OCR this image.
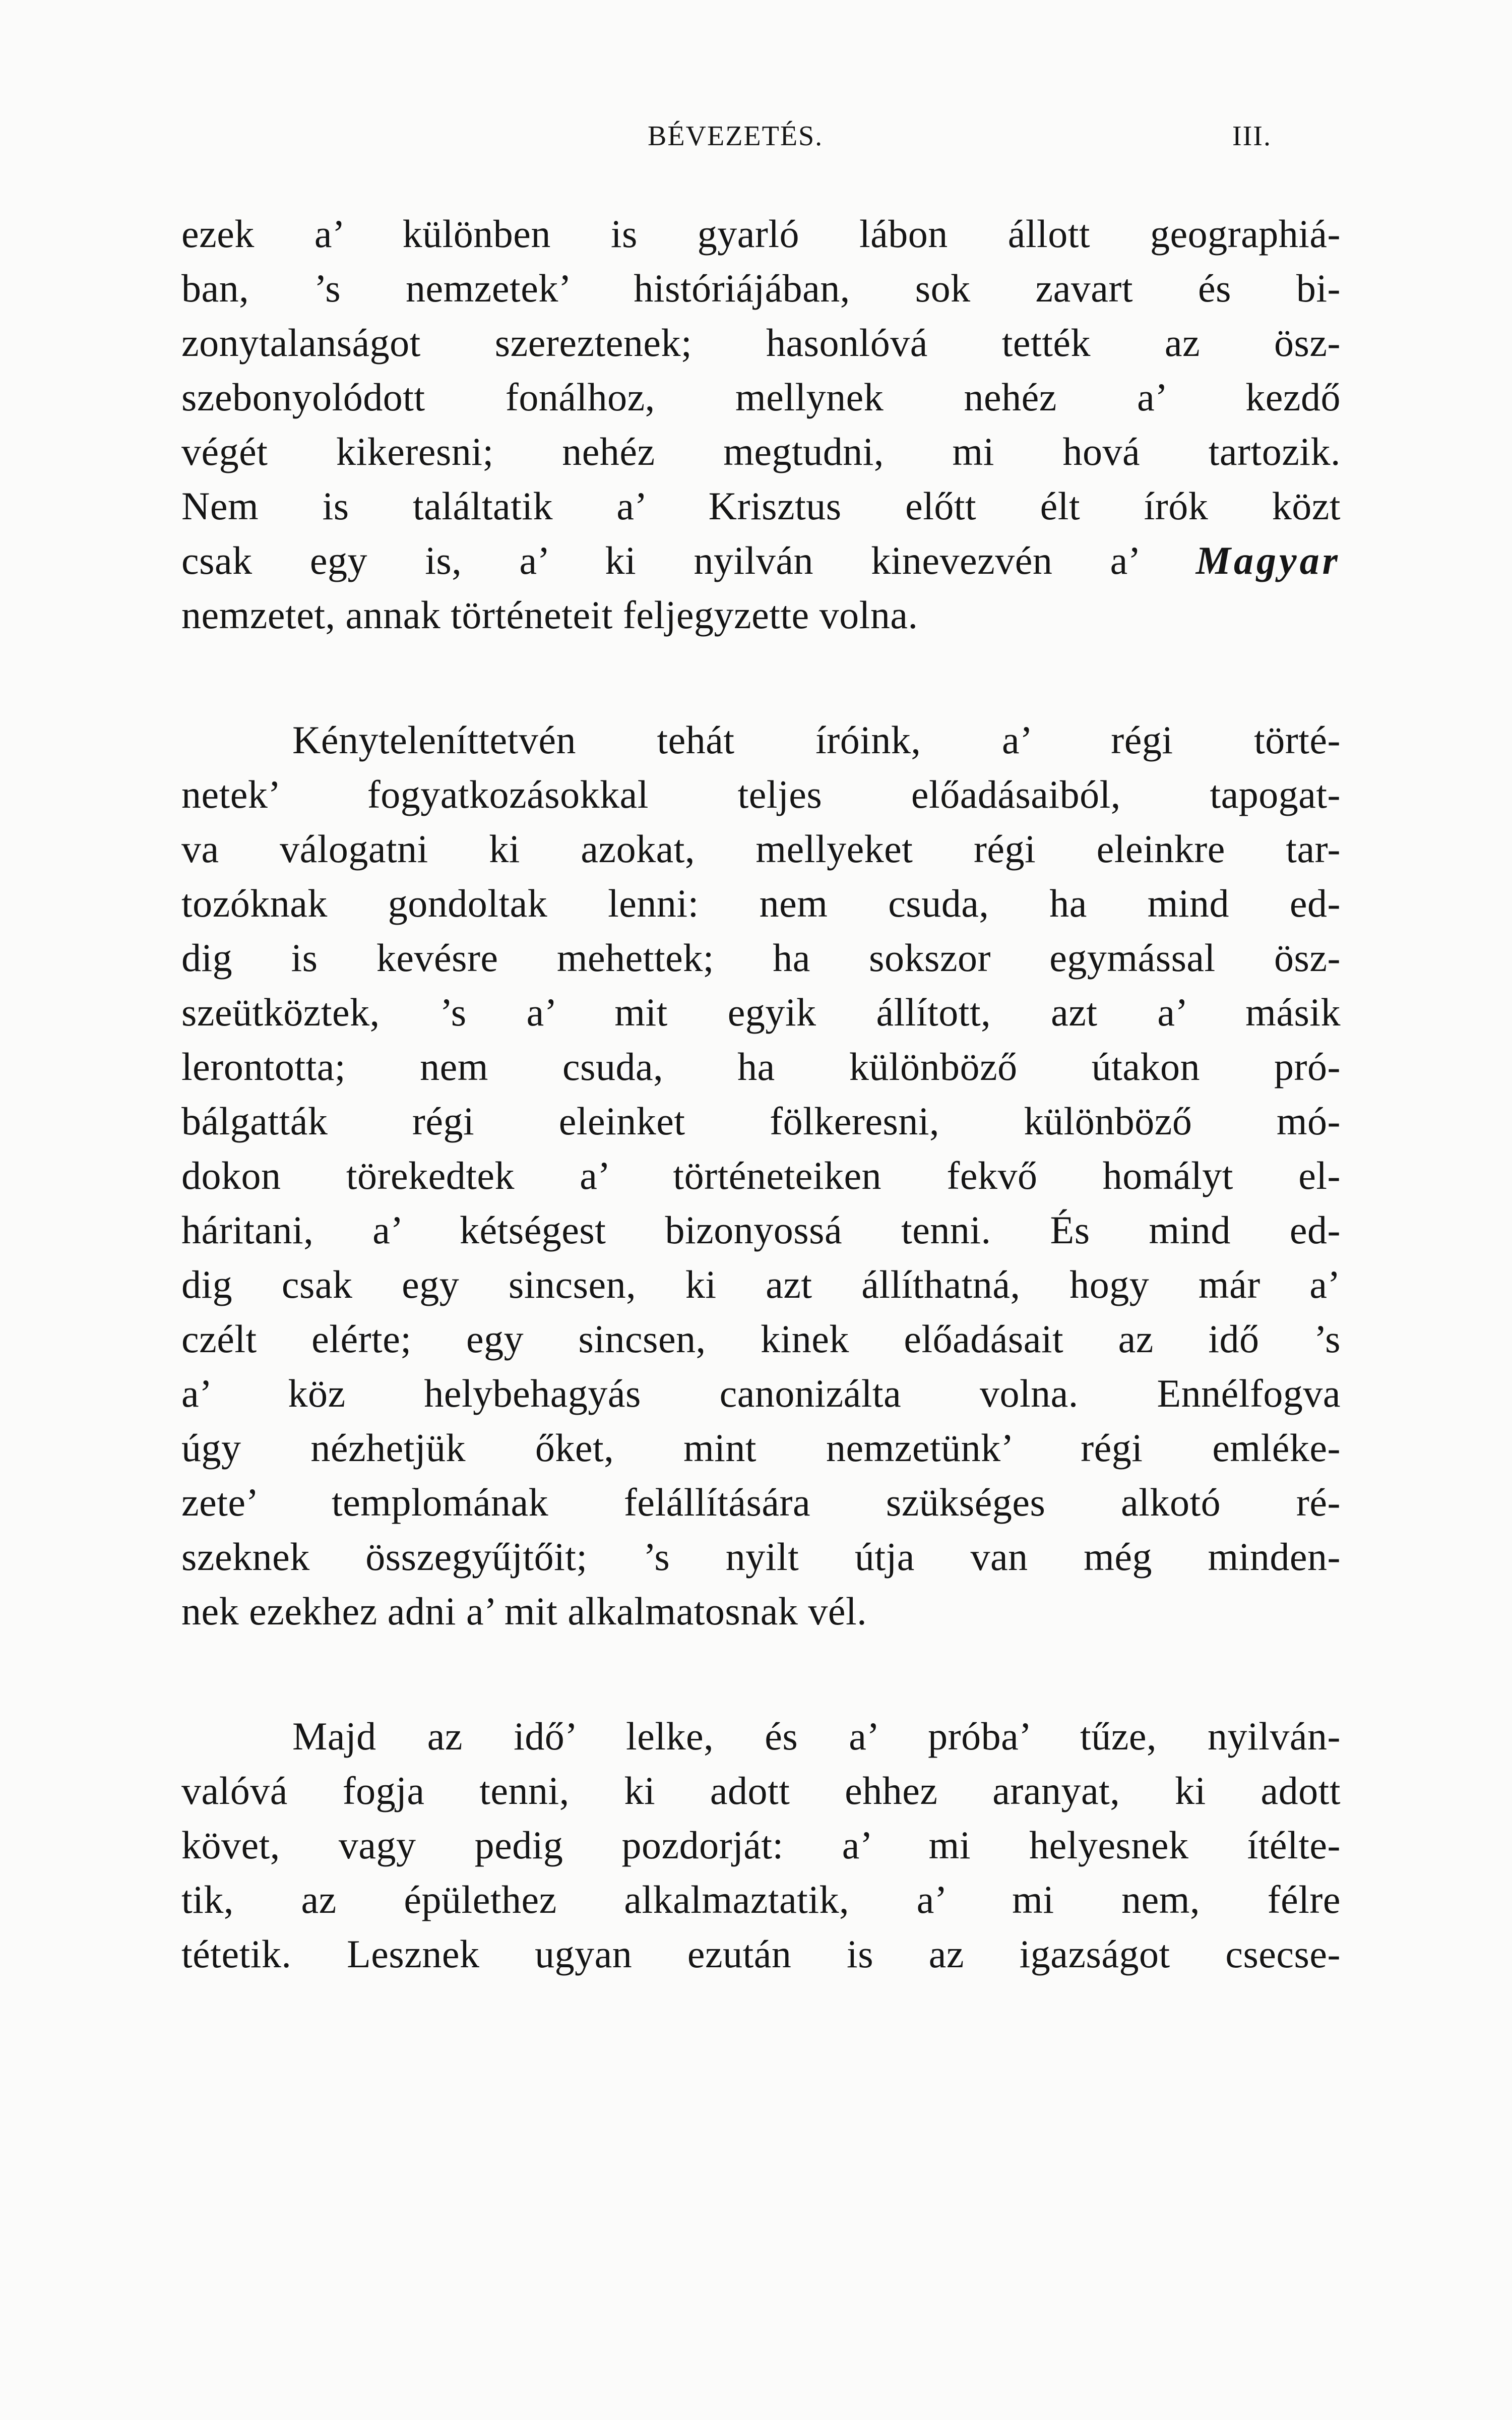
BÉVEZETÉS.	III.
ezek a’ különben is gyarló lábon állott geographiá-
ban, ’s nemzetek’ históriájában, sok zavart és bi-
zonytalanságot szereztenek; hasonlóvá tették az ösz-
szebonyolódott fonálhoz, mellynek nehéz a’ kezdő
végét kikeresni; nehéz megtudni, mi hová tartozik.
Nem is találtatik a’ Krisztus előtt élt írók közt
csak egy is, a’ ki nyilván kinevezvén a’ Magyar
nemzetet, annak történeteit feljegyzette volna.
Kényteleníttetvén tehát íróink, a’ régi törté-
netek’ fogyatkozásokkal teljes előadásaiból, tapogat-
va válogatni ki azokat, mellyeket régi eleinkre tar-
tozóknak gondoltak lenni: nem csuda, ha mind ed-
dig is kevésre mehettek; ha sokszor egymással ösz-
szeütköztek, ’s a’ mit egyik állított, azt a’ másik
lerontotta; nem csuda, ha különböző útakon pró-
bálgatták régi eleinket fölkeresni, különböző mó-
dokon törekedtek a’ történeteiken fekvő homályt el-
háritani, a’ kétségest bizonyossá tenni. És mind ed-
dig csak egy sincsen, ki azt állíthatná, hogy már a’
czélt elérte; egy sincsen, kinek előadásait az idő ’s
a’ köz helybehagyás canonizálta volna. Ennélfogva
úgy nézhetjük őket, mint nemzetünk’ régi emléke-
zete’ templomának felállítására szükséges alkotó ré-
szeknek összegyűjtőit; ’s nyilt útja van még minden-
nek ezekhez adni a’ mit alkalmatosnak vél.
Majd az idő’ lelke, és a’ próba’ tűze, nyilván-
valóvá fogja tenni, ki adott ehhez aranyat, ki adott
követ, vagy pedig pozdorját: a’ mi helyesnek ítélte-
tik, az épülethez alkalmaztatik, a’ mi nem, félre
tétetik. Lesznek ugyan ezután is az igazságot csecse-
